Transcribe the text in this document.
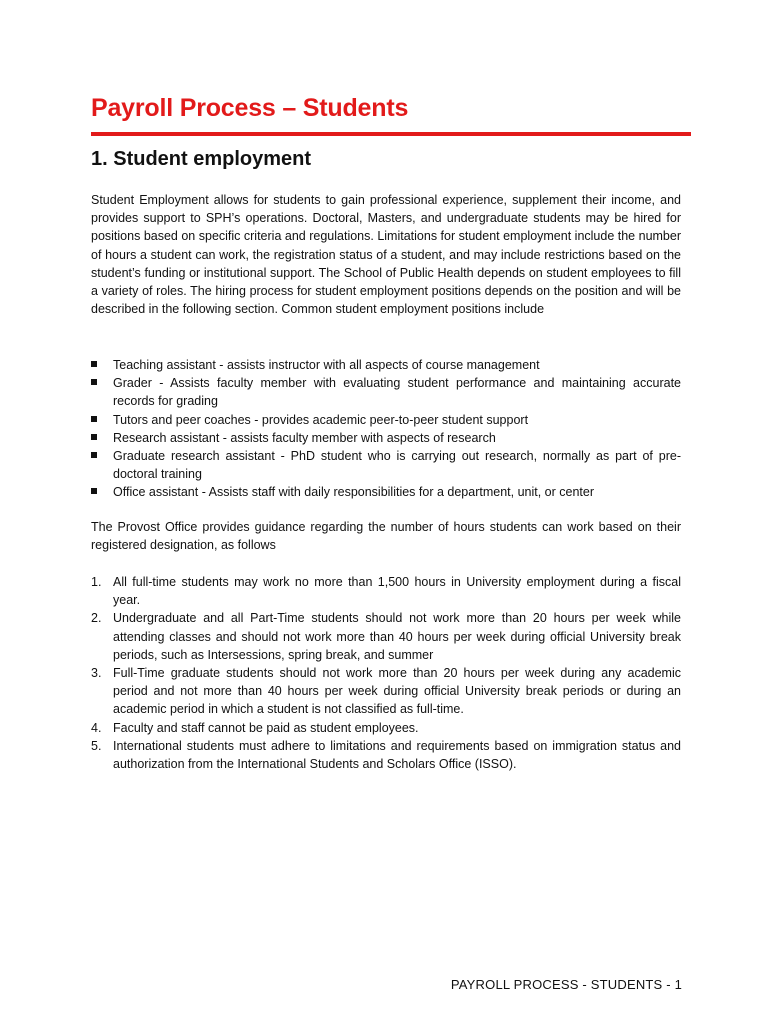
Payroll Process – Students
1. Student employment

Student Employment allows for students to gain professional experience, supplement their income, and provides support to SPH’s operations. Doctoral, Masters, and undergraduate students may be hired for positions based on specific criteria and regulations. Limitations for student employment include the number of hours a student can work, the registration status of a student, and may include restrictions based on the student’s funding or institutional support. The School of Public Health depends on student employees to fill a variety of roles. The hiring process for student employment positions depends on the position and will be described in the following section. Common student employment positions include

Teaching assistant - assists instructor with all aspects of course management
Grader - Assists faculty member with evaluating student performance and maintaining accurate records for grading
Tutors and peer coaches - provides academic peer-to-peer student support
Research assistant - assists faculty member with aspects of research
Graduate research assistant - PhD student who is carrying out research, normally as part of pre-doctoral training
Office assistant - Assists staff with daily responsibilities for a department, unit, or center

The Provost Office provides guidance regarding the number of hours students can work based on their registered designation, as follows

1. All full-time students may work no more than 1,500 hours in University employment during a fiscal year.
2. Undergraduate and all Part-Time students should not work more than 20 hours per week while attending classes and should not work more than 40 hours per week during official University break periods, such as Intersessions, spring break, and summer
3. Full-Time graduate students should not work more than 20 hours per week during any academic period and not more than 40 hours per week during official University break periods or during an academic period in which a student is not classified as full-time.
4. Faculty and staff cannot be paid as student employees.
5. International students must adhere to limitations and requirements based on immigration status and authorization from the International Students and Scholars Office (ISSO).
PAYROLL PROCESS - STUDENTS - 1
